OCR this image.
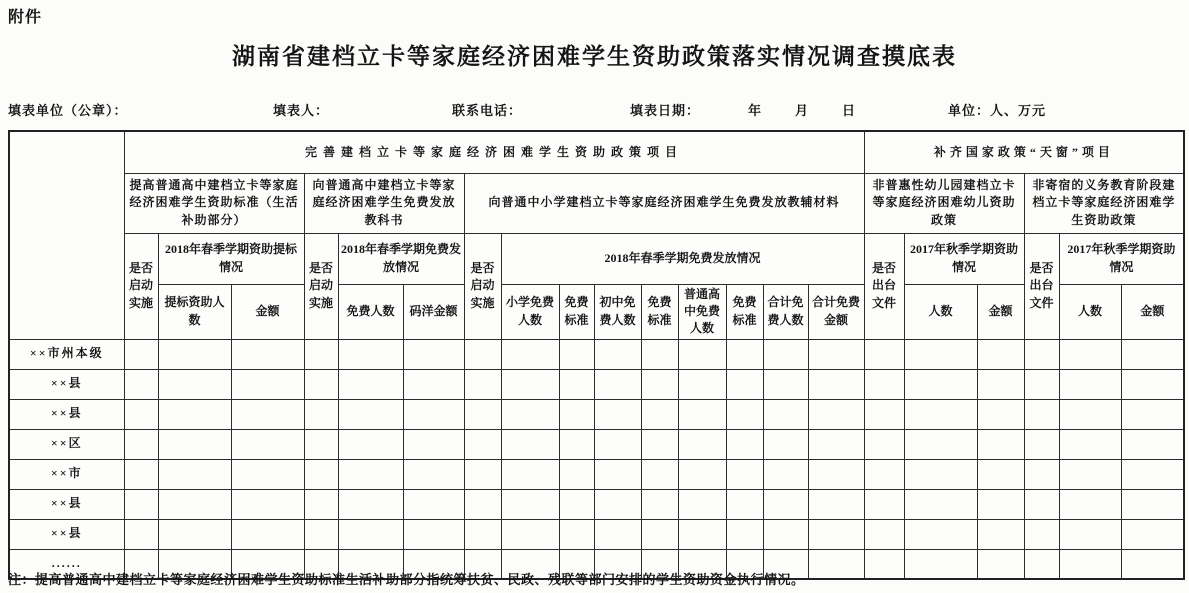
附件
湖南省建档立卡等家庭经济困难学生资助政策落实情况调查摸底表
填表单位（公章）：	填表人：	联系电话：	填表日期：	年	月	日	单位：人、万元
	完善建档立卡等家庭经济困难学生资助政策项目															补齐国家政策“天窗”项目					
	提高普通高中建档立卡等家庭经济困难学生资助标准（生活补助部分）			向普通高中建档立卡等家庭经济困难学生免费发放教科书			向普通中小学建档立卡等家庭经济困难学生免费发放教辅材料									非普惠性幼儿园建档立卡等家庭经济困难幼儿资助政策			非寄宿的义务教育阶段建档立卡等家庭经济困难学生资助政策		
	是否启动实施	2018年春季学期资助提标情况		是否启动实施	2018年春季学期免费发放情况		是否启动实施	2018年春季学期免费发放情况								是否出台文件	2017年秋季学期资助情况		是否出台文件	2017年秋季学期资助情况	
		提标资助人数	金额		免费人数	码洋金额		小学免费人数	免费标准	初中免费人数	免费标准	普通高中免费人数	免费标准	合计免费人数	合计免费金额		人数	金额		人数	金额
××市州本级																					
××县																					
××县																					
××区																					
××市																					
××县																					
××县																					
......																					
注：提高普通高中建档立卡等家庭经济困难学生资助标准生活补助部分指统筹扶贫、民政、残联等部门安排的学生资助资金执行情况。
